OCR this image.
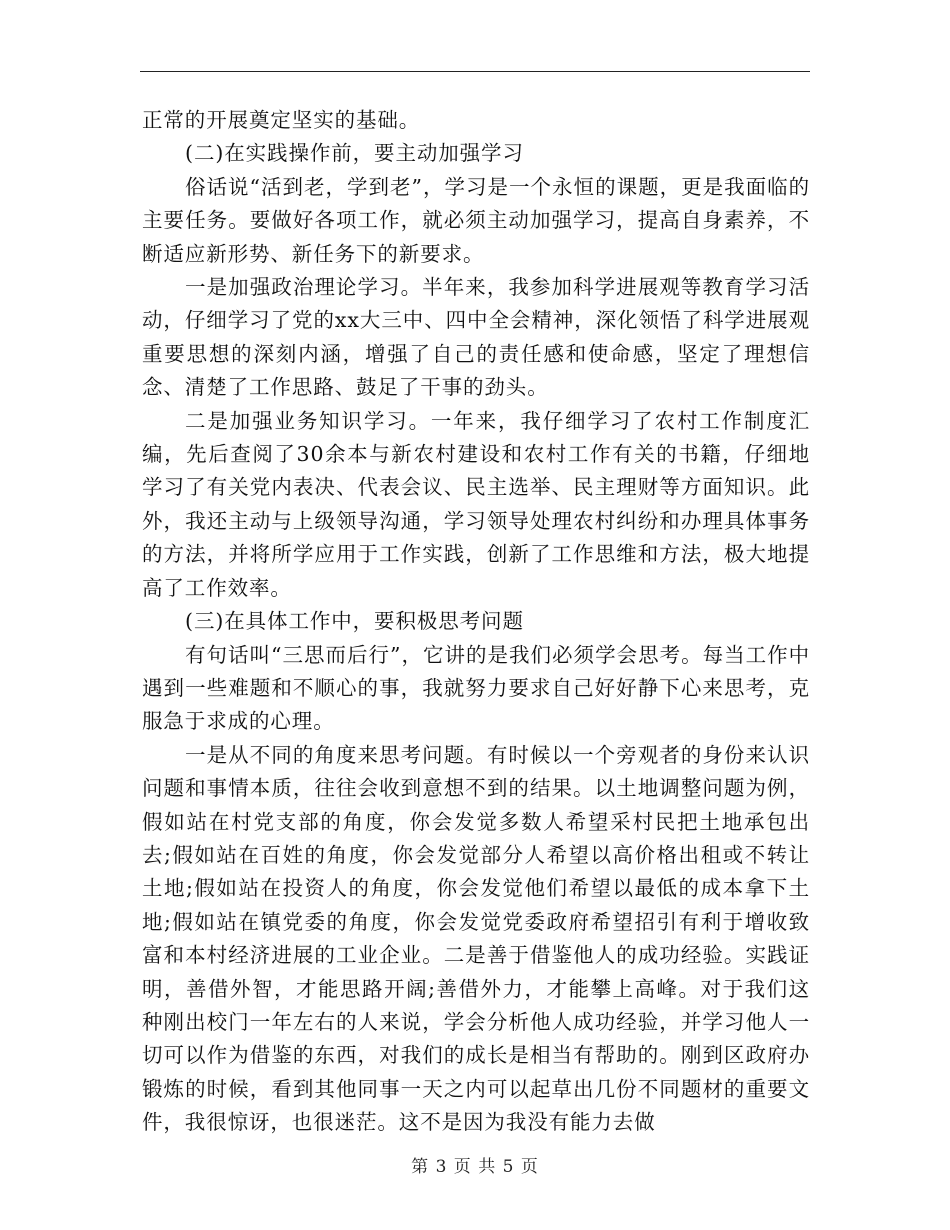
正常的开展奠定坚实的基础。

(二)在实践操作前，要主动加强学习

俗话说“活到老，学到老”，学习是一个永恒的课题，更是我面临的主要任务。要做好各项工作，就必须主动加强学习，提高自身素养，不断适应新形势、新任务下的新要求。

一是加强政治理论学习。半年来，我参加科学进展观等教育学习活动，仔细学习了党的xx大三中、四中全会精神，深化领悟了科学进展观重要思想的深刻内涵，增强了自己的责任感和使命感，坚定了理想信念、清楚了工作思路、鼓足了干事的劲头。

二是加强业务知识学习。一年来，我仔细学习了农村工作制度汇编，先后查阅了30余本与新农村建设和农村工作有关的书籍，仔细地学习了有关党内表决、代表会议、民主选举、民主理财等方面知识。此外，我还主动与上级领导沟通，学习领导处理农村纠纷和办理具体事务的方法，并将所学应用于工作实践，创新了工作思维和方法，极大地提高了工作效率。

(三)在具体工作中，要积极思考问题

有句话叫“三思而后行”，它讲的是我们必须学会思考。每当工作中遇到一些难题和不顺心的事，我就努力要求自己好好静下心来思考，克服急于求成的心理。

一是从不同的角度来思考问题。有时候以一个旁观者的身份来认识问题和事情本质，往往会收到意想不到的结果。以土地调整问题为例，假如站在村党支部的角度，你会发觉多数人希望采村民把土地承包出去;假如站在百姓的角度，你会发觉部分人希望以高价格出租或不转让土地;假如站在投资人的角度，你会发觉他们希望以最低的成本拿下土地;假如站在镇党委的角度，你会发觉党委政府希望招引有利于增收致富和本村经济进展的工业企业。二是善于借鉴他人的成功经验。实践证明，善借外智，才能思路开阔;善借外力，才能攀上高峰。对于我们这种刚出校门一年左右的人来说，学会分析他人成功经验，并学习他人一切可以作为借鉴的东西，对我们的成长是相当有帮助的。刚到区政府办锻炼的时候，看到其他同事一天之内可以起草出几份不同题材的重要文件，我很惊讶，也很迷茫。这不是因为我没有能力去做

第 3 页 共 5 页
